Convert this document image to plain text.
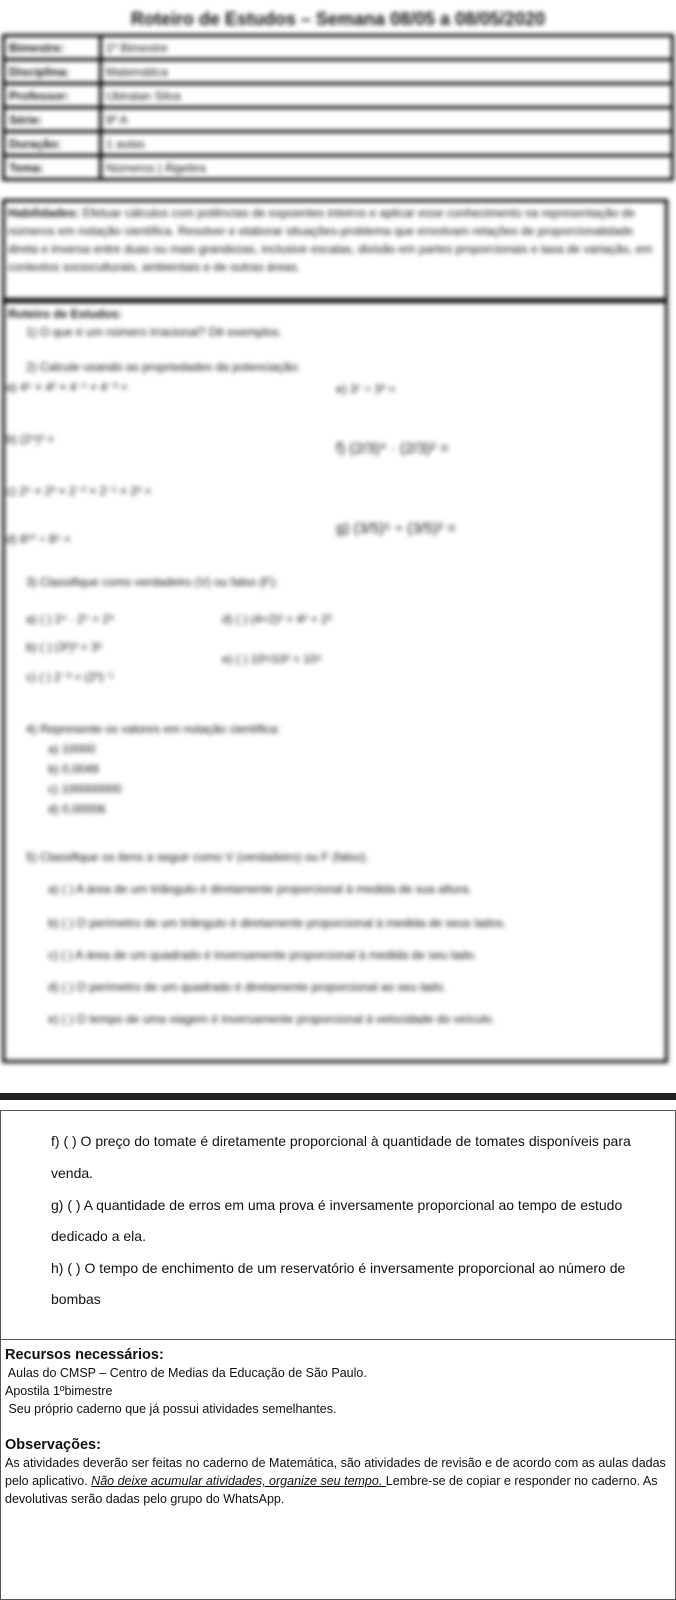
Roteiro de Estudos – Semana 08/05 a 08/05/2020
Bimestre:	1º Bimestre
Disciplina:	Matemática
Professor:	Ubiratan Silva
Série:	9º A
Duração:	1 aulas
Tema:	Números | Álgebra
Habilidades: Efetuar cálculos com potências de expoentes inteiros e aplicar esse conhecimento na representação de números em notação científica. Resolver e elaborar situações-problema que envolvam relações de proporcionalidade direta e inversa entre duas ou mais grandezas, inclusive escalas, divisão em partes proporcionais e taxa de variação, em contextos socioculturais, ambientais e de outras áreas.
Roteiro de Estudos:
1) O que é um número irracional? Dê exemplos.
2) Calcule usando as propriedades da potenciação:
a) 4⁵ × 4² × 4⁻¹ × 4⁻³ =
b) (2⁴)² =
c) 2⁵ × 2³ × 2⁻² × 2⁻¹ × 2² =
d) 8¹⁰ ÷ 8⁵ =
e) 3⁷ ÷ 3³ =
f) (2/3)⁴ · (2/3)² =
g) (3/5)⁵ ÷ (3/5)² =
3) Classifique como verdadeiro (V) ou falso (F):
a) ( ) 2⁴ · 2⁵ = 2⁹
b) ( ) (3²)³ = 3⁵
c) ( ) 2⁻³ = (2³)⁻¹
d) ( ) (4+2)² = 4² + 2²
e) ( ) 10⁶/10² = 10⁴
4) Represente os valores em notação científica:
a) 10000
b) 0,0049
c) 100000000
d) 0,00006
5) Classifique os itens a seguir como V (verdadeiro) ou F (falso).
a) ( ) A área de um triângulo é diretamente proporcional à medida de sua altura.
b) ( ) O perímetro de um triângulo é diretamente proporcional à medida de seus lados.
c) ( ) A área de um quadrado é inversamente proporcional à medida de seu lado.
d) ( ) O perímetro de um quadrado é diretamente proporcional ao seu lado.
e) ( ) O tempo de uma viagem é inversamente proporcional à velocidade do veículo.
f) ( ) O preço do tomate é diretamente proporcional à quantidade de tomates disponíveis para
venda.
g) ( ) A quantidade de erros em uma prova é inversamente proporcional ao tempo de estudo
dedicado a ela.
h) ( ) O tempo de enchimento de um reservatório é inversamente proporcional ao número de
bombas
Recursos necessários:
Aulas do CMSP – Centro de Medias da Educação de São Paulo.
Apostila 1ºbimestre
Seu próprio caderno que já possui atividades semelhantes.
Observações:
As atividades deverão ser feitas no caderno de Matemática, são atividades de revisão e de acordo com as aulas dadas pelo aplicativo. Não deixe acumular atividades, organize seu tempo. Lembre-se de copiar e responder no caderno. As devolutivas serão dadas pelo grupo do WhatsApp.
